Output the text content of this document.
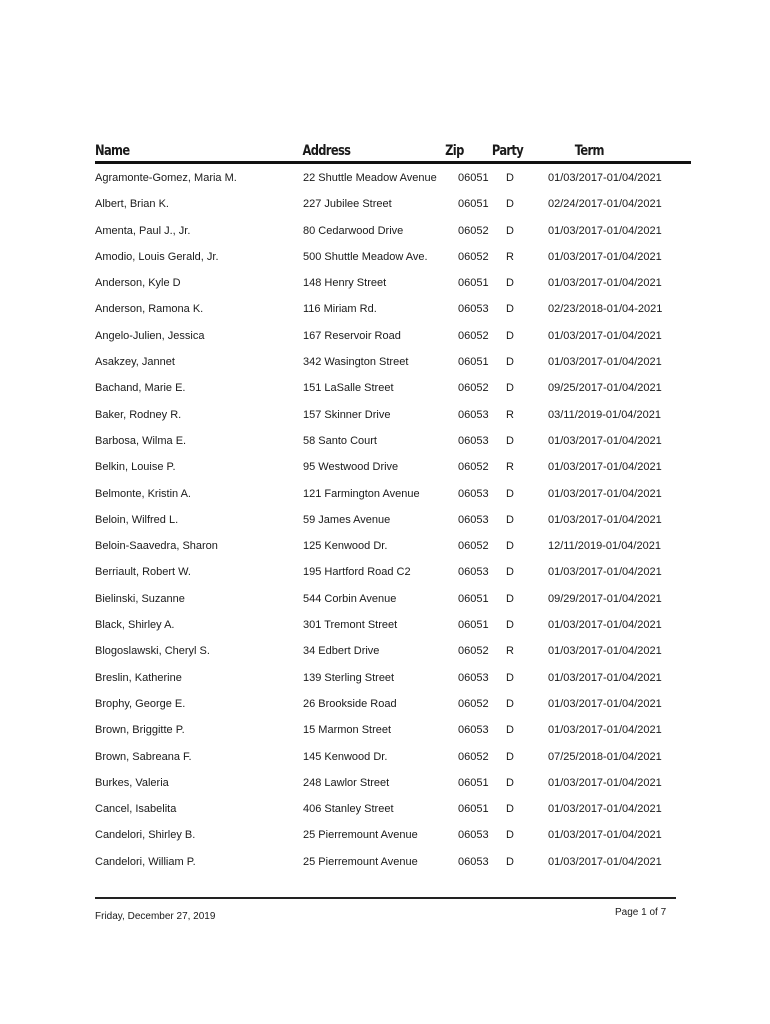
Name	Address	Zip Party	Term
Agramonte-Gomez, Maria M.	22 Shuttle Meadow Avenue 06051 D	01/03/2017-01/04/2021
Albert, Brian K.	227 Jubilee Street	06051 D	02/24/2017-01/04/2021
Amenta, Paul J., Jr.	80 Cedarwood Drive	06052 D	01/03/2017-01/04/2021
Amodio, Louis Gerald, Jr.	500 Shuttle Meadow Ave.	06052 R	01/03/2017-01/04/2021
Anderson, Kyle D	148 Henry Street	06051 D	01/03/2017-01/04/2021
Anderson, Ramona K.	116 Miriam Rd.	06053 D	02/23/2018-01/04-2021
Angelo-Julien, Jessica	167 Reservoir Road	06052 D	01/03/2017-01/04/2021
Asakzey, Jannet	342 Wasington Street	06051 D	01/03/2017-01/04/2021
Bachand, Marie E.	151 LaSalle Street	06052 D	09/25/2017-01/04/2021
Baker, Rodney R.	157 Skinner Drive	06053 R	03/11/2019-01/04/2021
Barbosa, Wilma E.	58 Santo Court	06053 D	01/03/2017-01/04/2021
Belkin, Louise P.	95 Westwood Drive	06052 R	01/03/2017-01/04/2021
Belmonte, Kristin A.	121 Farmington Avenue	06053 D	01/03/2017-01/04/2021
Beloin, Wilfred L.	59 James Avenue	06053 D	01/03/2017-01/04/2021
Beloin-Saavedra, Sharon	125 Kenwood Dr.	06052 D	12/11/2019-01/04/2021
Berriault, Robert W.	195 Hartford Road C2	06053 D	01/03/2017-01/04/2021
Bielinski, Suzanne	544 Corbin Avenue	06051 D	09/29/2017-01/04/2021
Black, Shirley A.	301 Tremont Street	06051 D	01/03/2017-01/04/2021
Blogoslawski, Cheryl S.	34 Edbert Drive	06052 R	01/03/2017-01/04/2021
Breslin, Katherine	139 Sterling Street	06053 D	01/03/2017-01/04/2021
Brophy, George E.	26 Brookside Road	06052 D	01/03/2017-01/04/2021
Brown, Briggitte P.	15 Marmon Street	06053 D	01/03/2017-01/04/2021
Brown, Sabreana F.	145 Kenwood Dr.	06052 D	07/25/2018-01/04/2021
Burkes, Valeria	248 Lawlor Street	06051 D	01/03/2017-01/04/2021
Cancel, Isabelita	406 Stanley Street	06051 D	01/03/2017-01/04/2021
Candelori, Shirley B.	25 Pierremount Avenue	06053 D	01/03/2017-01/04/2021
Candelori, William P.	25 Pierremount Avenue	06053 D	01/03/2017-01/04/2021
Friday, December 27, 2019	Page 1 of 7
